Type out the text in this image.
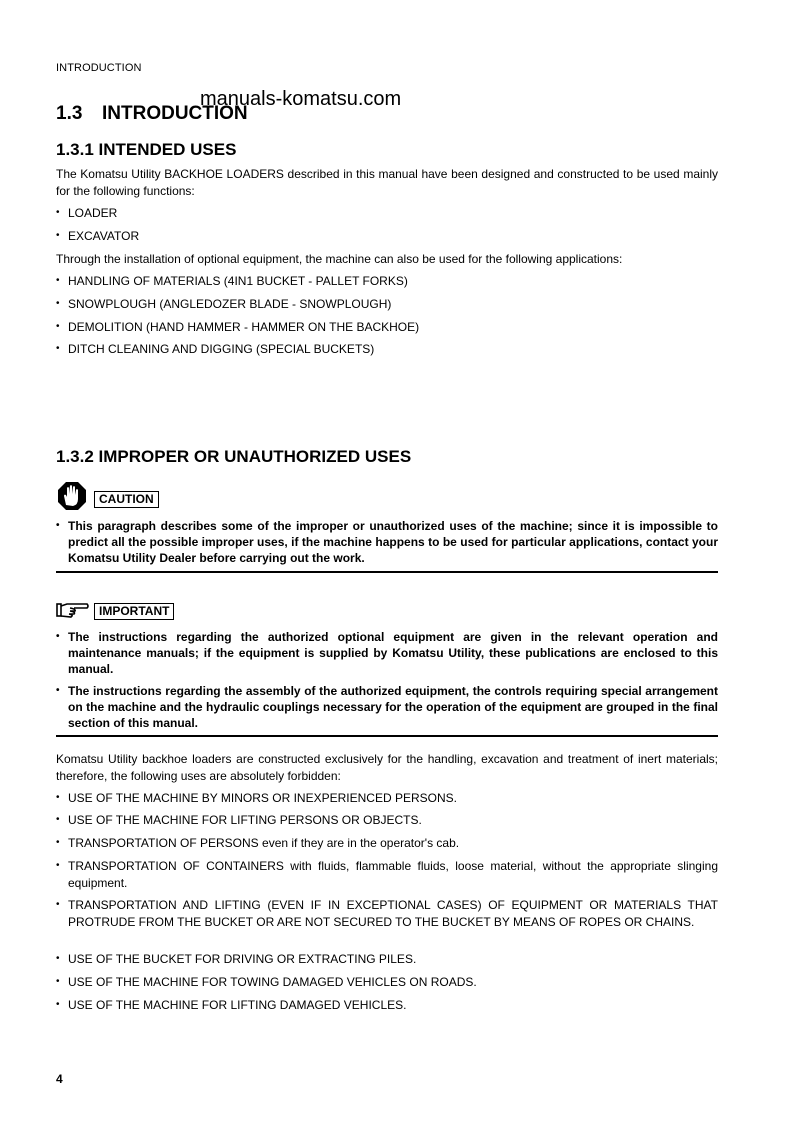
INTRODUCTION
manuals-komatsu.com
1.3 INTRODUCTION
1.3.1 INTENDED USES
The Komatsu Utility BACKHOE LOADERS described in this manual have been designed and constructed to be used mainly for the following functions:
• LOADER
• EXCAVATOR
Through the installation of optional equipment, the machine can also be used for the following applications:
• HANDLING OF MATERIALS (4IN1 BUCKET - PALLET FORKS)
• SNOWPLOUGH (ANGLEDOZER BLADE - SNOWPLOUGH)
• DEMOLITION (HAND HAMMER - HAMMER ON THE BACKHOE)
• DITCH CLEANING AND DIGGING (SPECIAL BUCKETS)
1.3.2 IMPROPER OR UNAUTHORIZED USES
CAUTION
• This paragraph describes some of the improper or unauthorized uses of the machine; since it is impossible to predict all the possible improper uses, if the machine happens to be used for particular applications, contact your Komatsu Utility Dealer before carrying out the work.
IMPORTANT
• The instructions regarding the authorized optional equipment are given in the relevant operation and maintenance manuals; if the equipment is supplied by Komatsu Utility, these publications are enclosed to this manual.
• The instructions regarding the assembly of the authorized equipment, the controls requiring special arrangement on the machine and the hydraulic couplings necessary for the operation of the equipment are grouped in the final section of this manual.
Komatsu Utility backhoe loaders are constructed exclusively for the handling, excavation and treatment of inert materials; therefore, the following uses are absolutely forbidden:
• USE OF THE MACHINE BY MINORS OR INEXPERIENCED PERSONS.
• USE OF THE MACHINE FOR LIFTING PERSONS OR OBJECTS.
• TRANSPORTATION OF PERSONS even if they are in the operator's cab.
• TRANSPORTATION OF CONTAINERS with fluids, flammable fluids, loose material, without the appropriate slinging equipment.
• TRANSPORTATION AND LIFTING (EVEN IF IN EXCEPTIONAL CASES) OF EQUIPMENT OR MATERIALS THAT PROTRUDE FROM THE BUCKET OR ARE NOT SECURED TO THE BUCKET BY MEANS OF ROPES OR CHAINS.
• USE OF THE BUCKET FOR DRIVING OR EXTRACTING PILES.
• USE OF THE MACHINE FOR TOWING DAMAGED VEHICLES ON ROADS.
• USE OF THE MACHINE FOR LIFTING DAMAGED VEHICLES.
4
